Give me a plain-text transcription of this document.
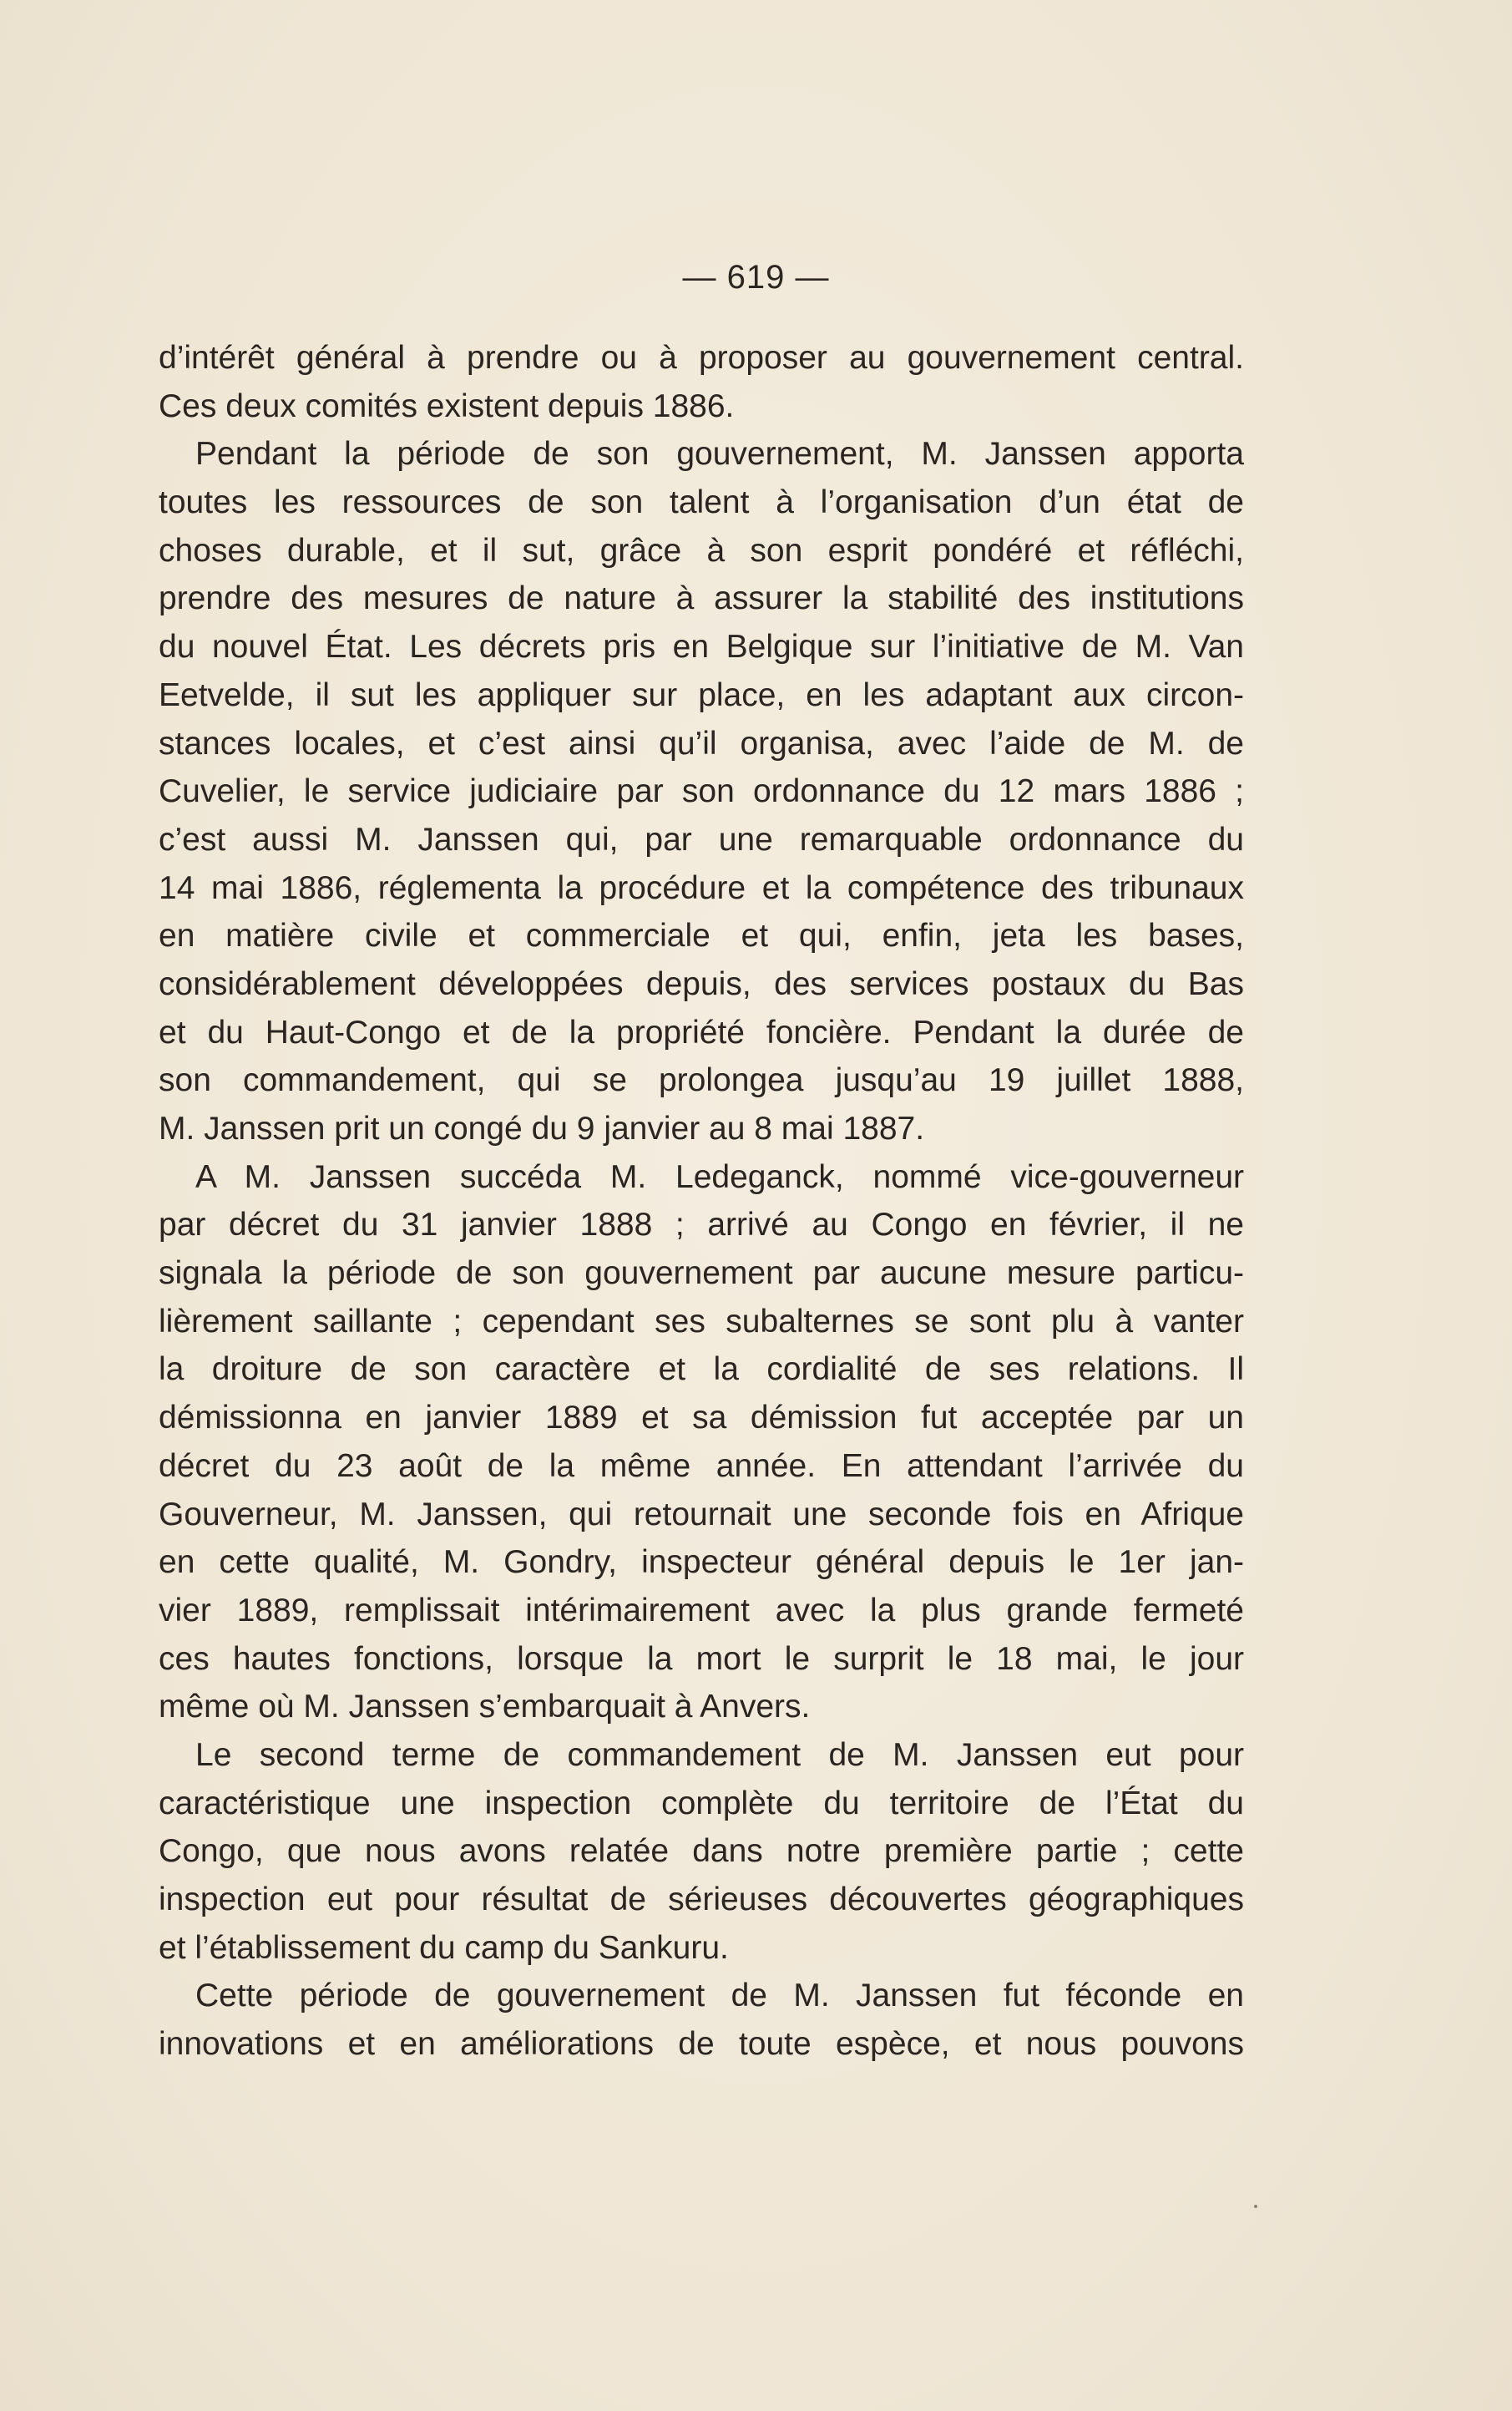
— 619 —
d’intérêt général à prendre ou à proposer au gouvernement central.
Ces deux comités existent depuis 1886.
Pendant la période de son gouvernement, M. Janssen apporta
toutes les ressources de son talent à l’organisation d’un état de
choses durable, et il sut, grâce à son esprit pondéré et réfléchi,
prendre des mesures de nature à assurer la stabilité des institutions
du nouvel État. Les décrets pris en Belgique sur l’initiative de M. Van
Eetvelde, il sut les appliquer sur place, en les adaptant aux circon-
stances locales, et c’est ainsi qu’il organisa, avec l’aide de M. de
Cuvelier, le service judiciaire par son ordonnance du 12 mars 1886 ;
c’est aussi M. Janssen qui, par une remarquable ordonnance du
14 mai 1886, réglementa la procédure et la compétence des tribunaux
en matière civile et commerciale et qui, enfin, jeta les bases,
considérablement développées depuis, des services postaux du Bas
et du Haut-Congo et de la propriété foncière. Pendant la durée de
son commandement, qui se prolongea jusqu’au 19 juillet 1888,
M. Janssen prit un congé du 9 janvier au 8 mai 1887.
A M. Janssen succéda M. Ledeganck, nommé vice-gouverneur
par décret du 31 janvier 1888 ; arrivé au Congo en février, il ne
signala la période de son gouvernement par aucune mesure particu-
lièrement saillante ; cependant ses subalternes se sont plu à vanter
la droiture de son caractère et la cordialité de ses relations. Il
démissionna en janvier 1889 et sa démission fut acceptée par un
décret du 23 août de la même année. En attendant l’arrivée du
Gouverneur, M. Janssen, qui retournait une seconde fois en Afrique
en cette qualité, M. Gondry, inspecteur général depuis le 1er jan-
vier 1889, remplissait intérimairement avec la plus grande fermeté
ces hautes fonctions, lorsque la mort le surprit le 18 mai, le jour
même où M. Janssen s’embarquait à Anvers.
Le second terme de commandement de M. Janssen eut pour
caractéristique une inspection complète du territoire de l’État du
Congo, que nous avons relatée dans notre première partie ; cette
inspection eut pour résultat de sérieuses découvertes géographiques
et l’établissement du camp du Sankuru.
Cette période de gouvernement de M. Janssen fut féconde en
innovations et en améliorations de toute espèce, et nous pouvons
